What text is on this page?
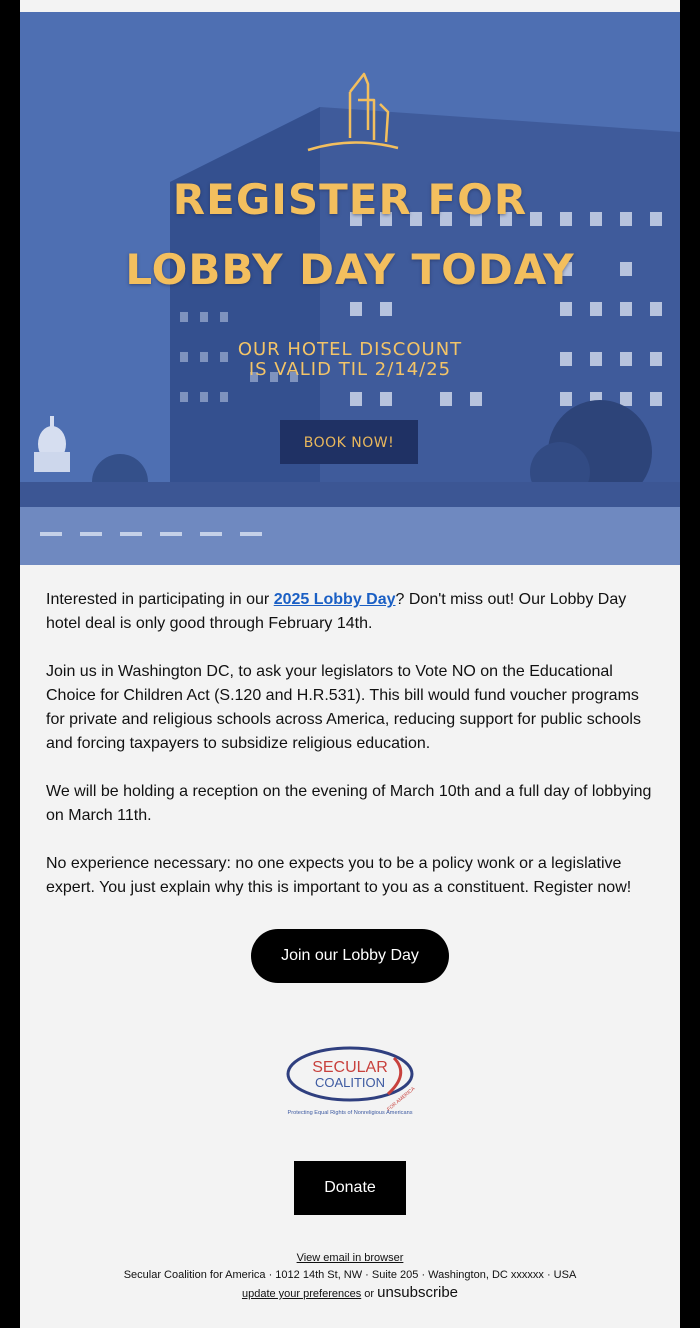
REGISTER FOR
LOBBY DAY TODAY
OUR HOTEL DISCOUNT
IS VALID TIL 2/14/25
BOOK NOW!

Interested in participating in our 2025 Lobby Day? Don't miss out! Our Lobby Day hotel deal is only good through February 14th.

Join us in Washington DC, to ask your legislators to Vote NO on the Educational Choice for Children Act (S.120 and H.R.531). This bill would fund voucher programs for private and religious schools across America, reducing support for public schools and forcing taxpayers to subsidize religious education.

We will be holding a reception on the evening of March 10th and a full day of lobbying on March 11th.

No experience necessary: no one expects you to be a policy wonk or a legislative expert. You just explain why this is important to you as a constituent. Register now!

Join our Lobby Day
SECULAR
COALITION
FOR AMERICA
Protecting Equal Rights of Nonreligious Americans
Donate
View email in browser
Secular Coalition for America · 1012 14th St, NW · Suite 205 · Washington, DC xxxxxx · USA
update your preferences or unsubscribe
